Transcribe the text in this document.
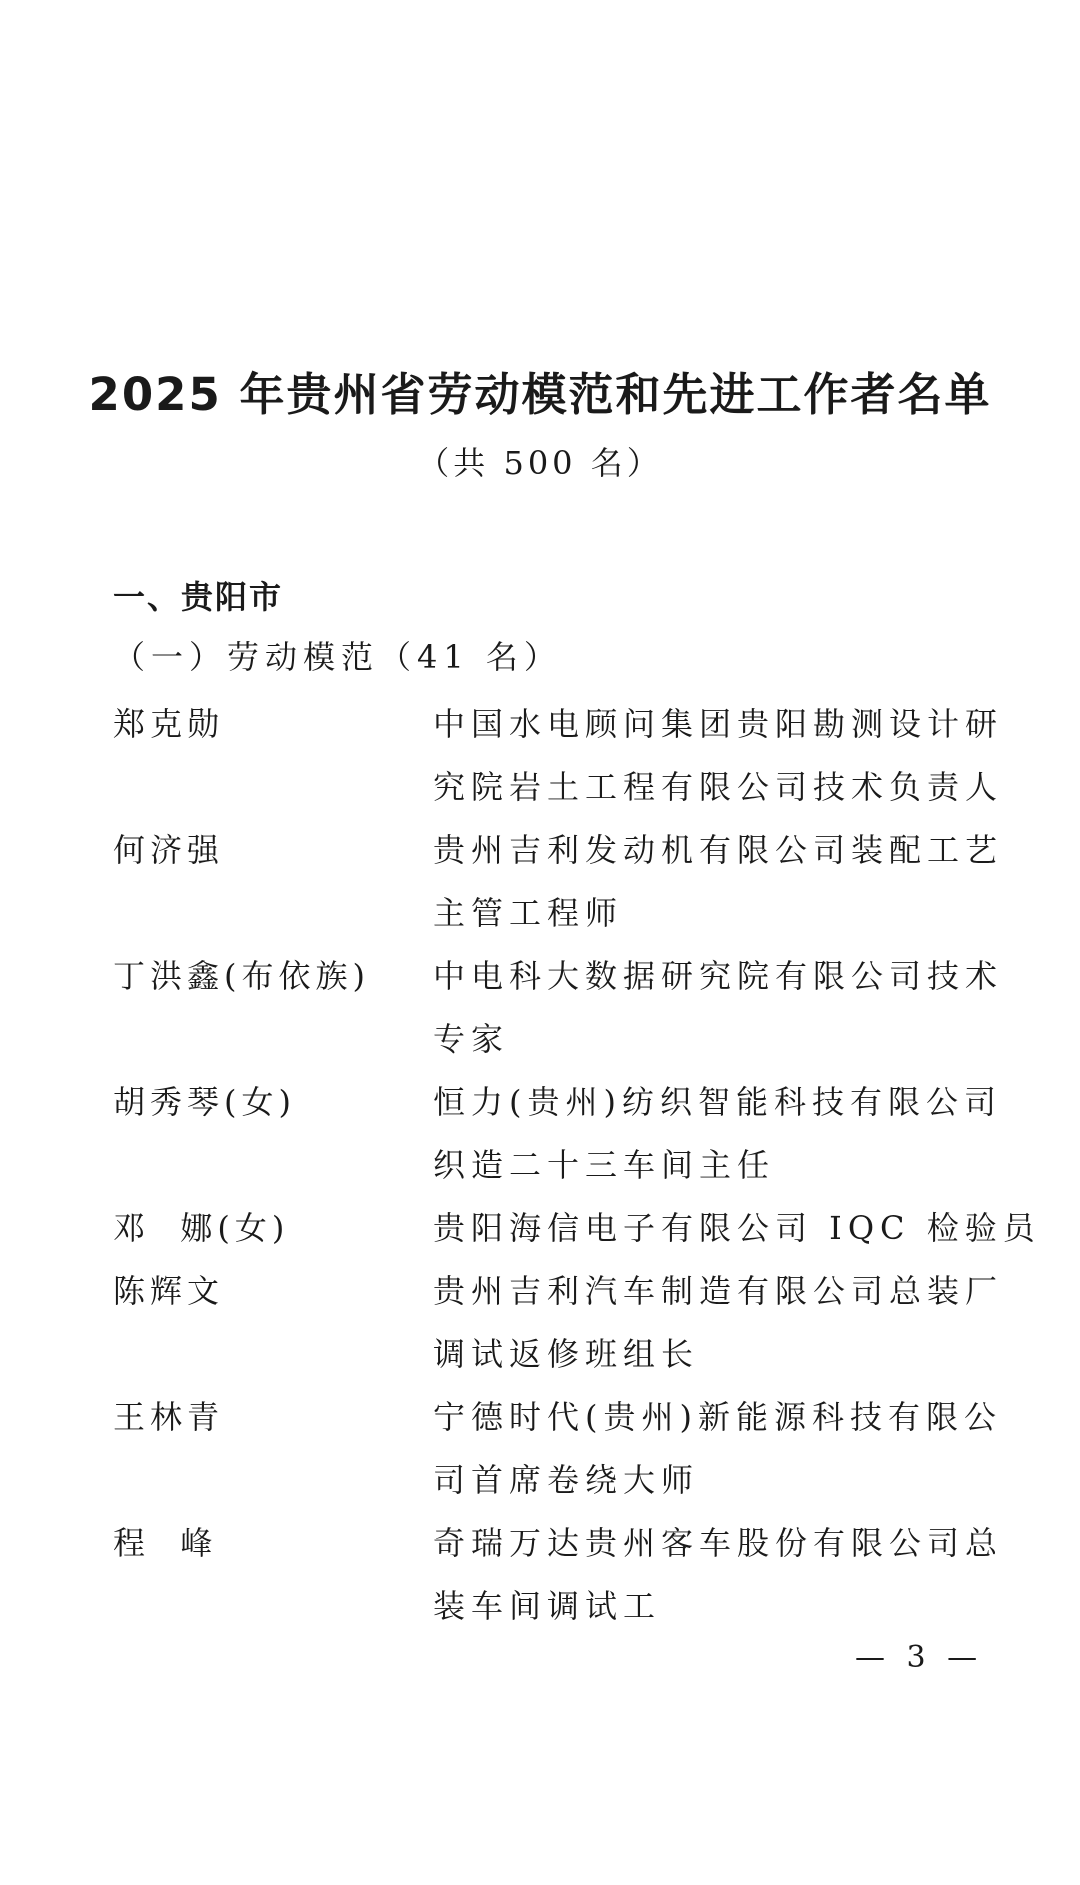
2025 年贵州省劳动模范和先进工作者名单
（共 500 名）
一、贵阳市
（一）劳动模范（41 名）
郑克勋	中国水电顾问集团贵阳勘测设计研
究院岩土工程有限公司技术负责人
何济强	贵州吉利发动机有限公司装配工艺
主管工程师
丁洪鑫(布依族)	中电科大数据研究院有限公司技术
专家
胡秀琴(女)	恒力(贵州)纺织智能科技有限公司
织造二十三车间主任
邓  娜(女)	贵阳海信电子有限公司 IQC 检验员
陈辉文	贵州吉利汽车制造有限公司总装厂
调试返修班组长
王林青	宁德时代(贵州)新能源科技有限公
司首席卷绕大师
程  峰	奇瑞万达贵州客车股份有限公司总
装车间调试工
— 3 —
